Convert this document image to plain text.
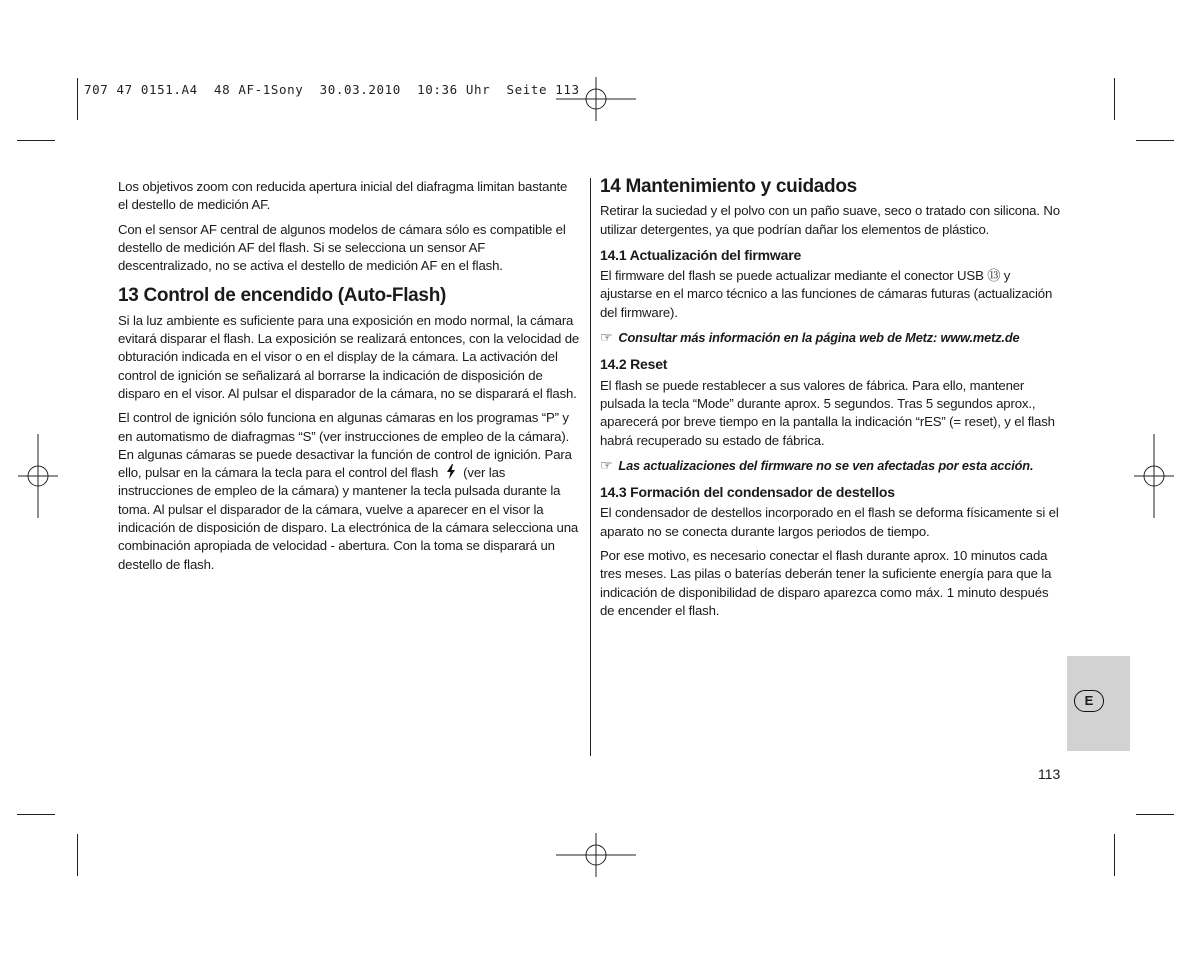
707 47 0151.A4  48 AF-1Sony  30.03.2010  10:36 Uhr  Seite 113

Los objetivos zoom con reducida apertura inicial del diafragma limitan bastante el destello de medición AF.

Con el sensor AF central de algunos modelos de cámara sólo es compatible el destello de medición AF del flash. Si se selecciona un sensor AF descentralizado, no se activa el destello de medición AF en el flash.

13 Control de encendido (Auto-Flash)

Si la luz ambiente es suficiente para una exposición en modo normal, la cámara evitará disparar el flash. La exposición se realizará entonces, con la velocidad de obturación indicada en el visor o en el display de la cámara. La activación del control de ignición se señalizará al borrarse la indicación de disposición de disparo en el visor. Al pulsar el disparador de la cámara, no se disparará el flash.

El control de ignición sólo funciona en algunas cámaras en los programas “P” y en automatismo de diafragmas “S” (ver instrucciones de empleo de la cámara). En algunas cámaras se puede desactivar la función de control de ignición. Para ello, pulsar en la cámara la tecla para el control del flash (ver las instrucciones de empleo de la cámara) y mantener la tecla pulsada durante la toma. Al pulsar el disparador de la cámara, vuelve a aparecer en el visor la indicación de disposición de disparo. La electrónica de la cámara selecciona una combinación apropiada de velocidad - abertura. Con la toma se disparará un destello de flash.

14 Mantenimiento y cuidados

Retirar la suciedad y el polvo con un paño suave, seco o tratado con silicona. No utilizar detergentes, ya que podrían dañar los elementos de plástico.

14.1 Actualización del firmware

El firmware del flash se puede actualizar mediante el conector USB ⑬ y ajustarse en el marco técnico a las funciones de cámaras futuras (actualización del firmware).

☞ Consultar más información en la página web de Metz: www.metz.de
14.2 Reset

El flash se puede restablecer a sus valores de fábrica. Para ello, mantener pulsada la tecla “Mode” durante aprox. 5 segundos. Tras 5 segundos aprox., aparecerá por breve tiempo en la pantalla la indicación “rES” (= reset), y el flash habrá recuperado su estado de fábrica.

☞ Las actualizaciones del firmware no se ven afectadas por esta acción.
14.3 Formación del condensador de destellos

El condensador de destellos incorporado en el flash se deforma físicamente si el aparato no se conecta durante largos periodos de tiempo.

Por ese motivo, es necesario conectar el flash durante aprox. 10 minutos cada tres meses. Las pilas o baterías deberán tener la suficiente energía para que la indicación de disponibilidad de disparo aparezca como máx. 1 minuto después de encender el flash.

E
113
